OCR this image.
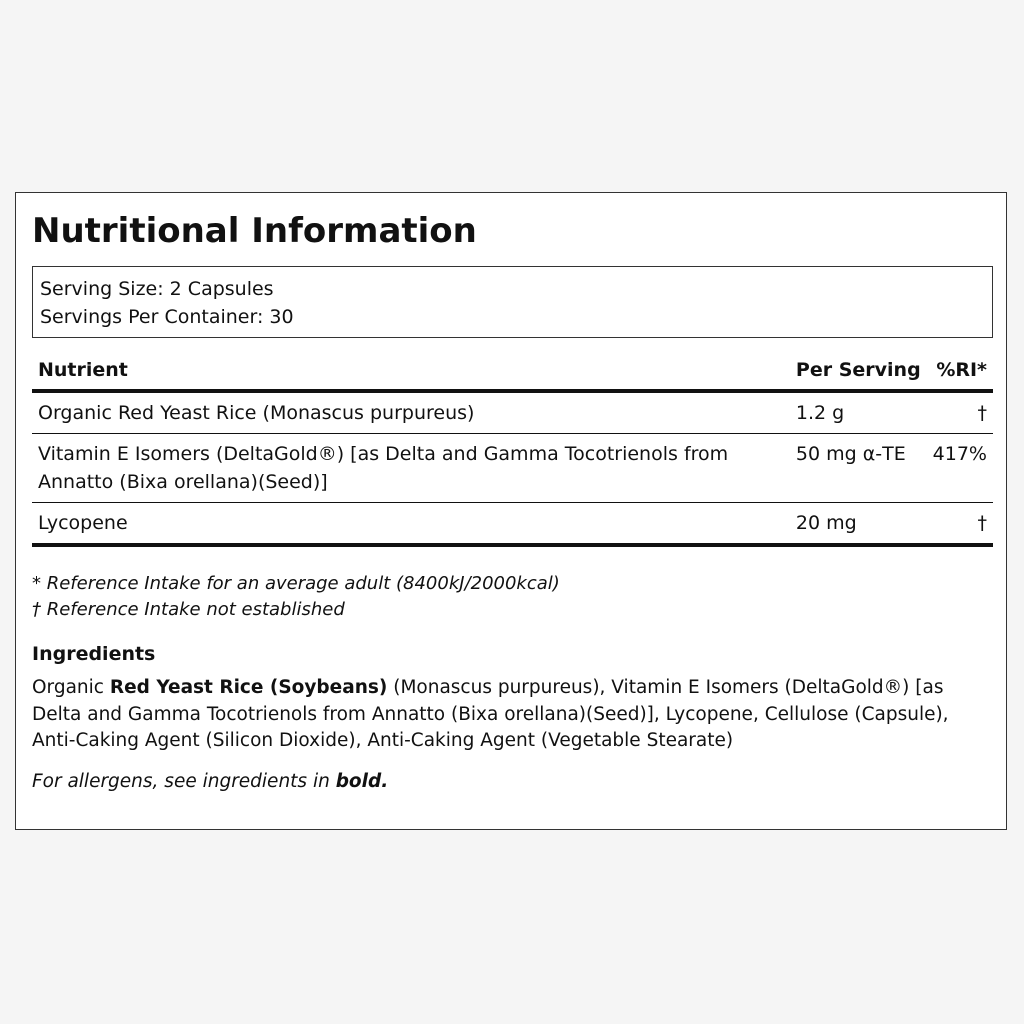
Nutritional Information
Serving Size: 2 Capsules
Servings Per Container: 30
Nutrient	Per Serving	%RI*
Organic Red Yeast Rice (Monascus purpureus)	1.2 g	†
Vitamin E Isomers (DeltaGold®) [as Delta and Gamma Tocotrienols from Annatto (Bixa orellana)(Seed)]	50 mg α-TE	417%
Lycopene	20 mg	†
* Reference Intake for an average adult (8400kJ/2000kcal)
† Reference Intake not established
Ingredients
Organic Red Yeast Rice (Soybeans) (Monascus purpureus), Vitamin E Isomers (DeltaGold®) [as Delta and Gamma Tocotrienols from Annatto (Bixa orellana)(Seed)], Lycopene, Cellulose (Capsule), Anti-Caking Agent (Silicon Dioxide), Anti-Caking Agent (Vegetable Stearate)
For allergens, see ingredients in bold.
